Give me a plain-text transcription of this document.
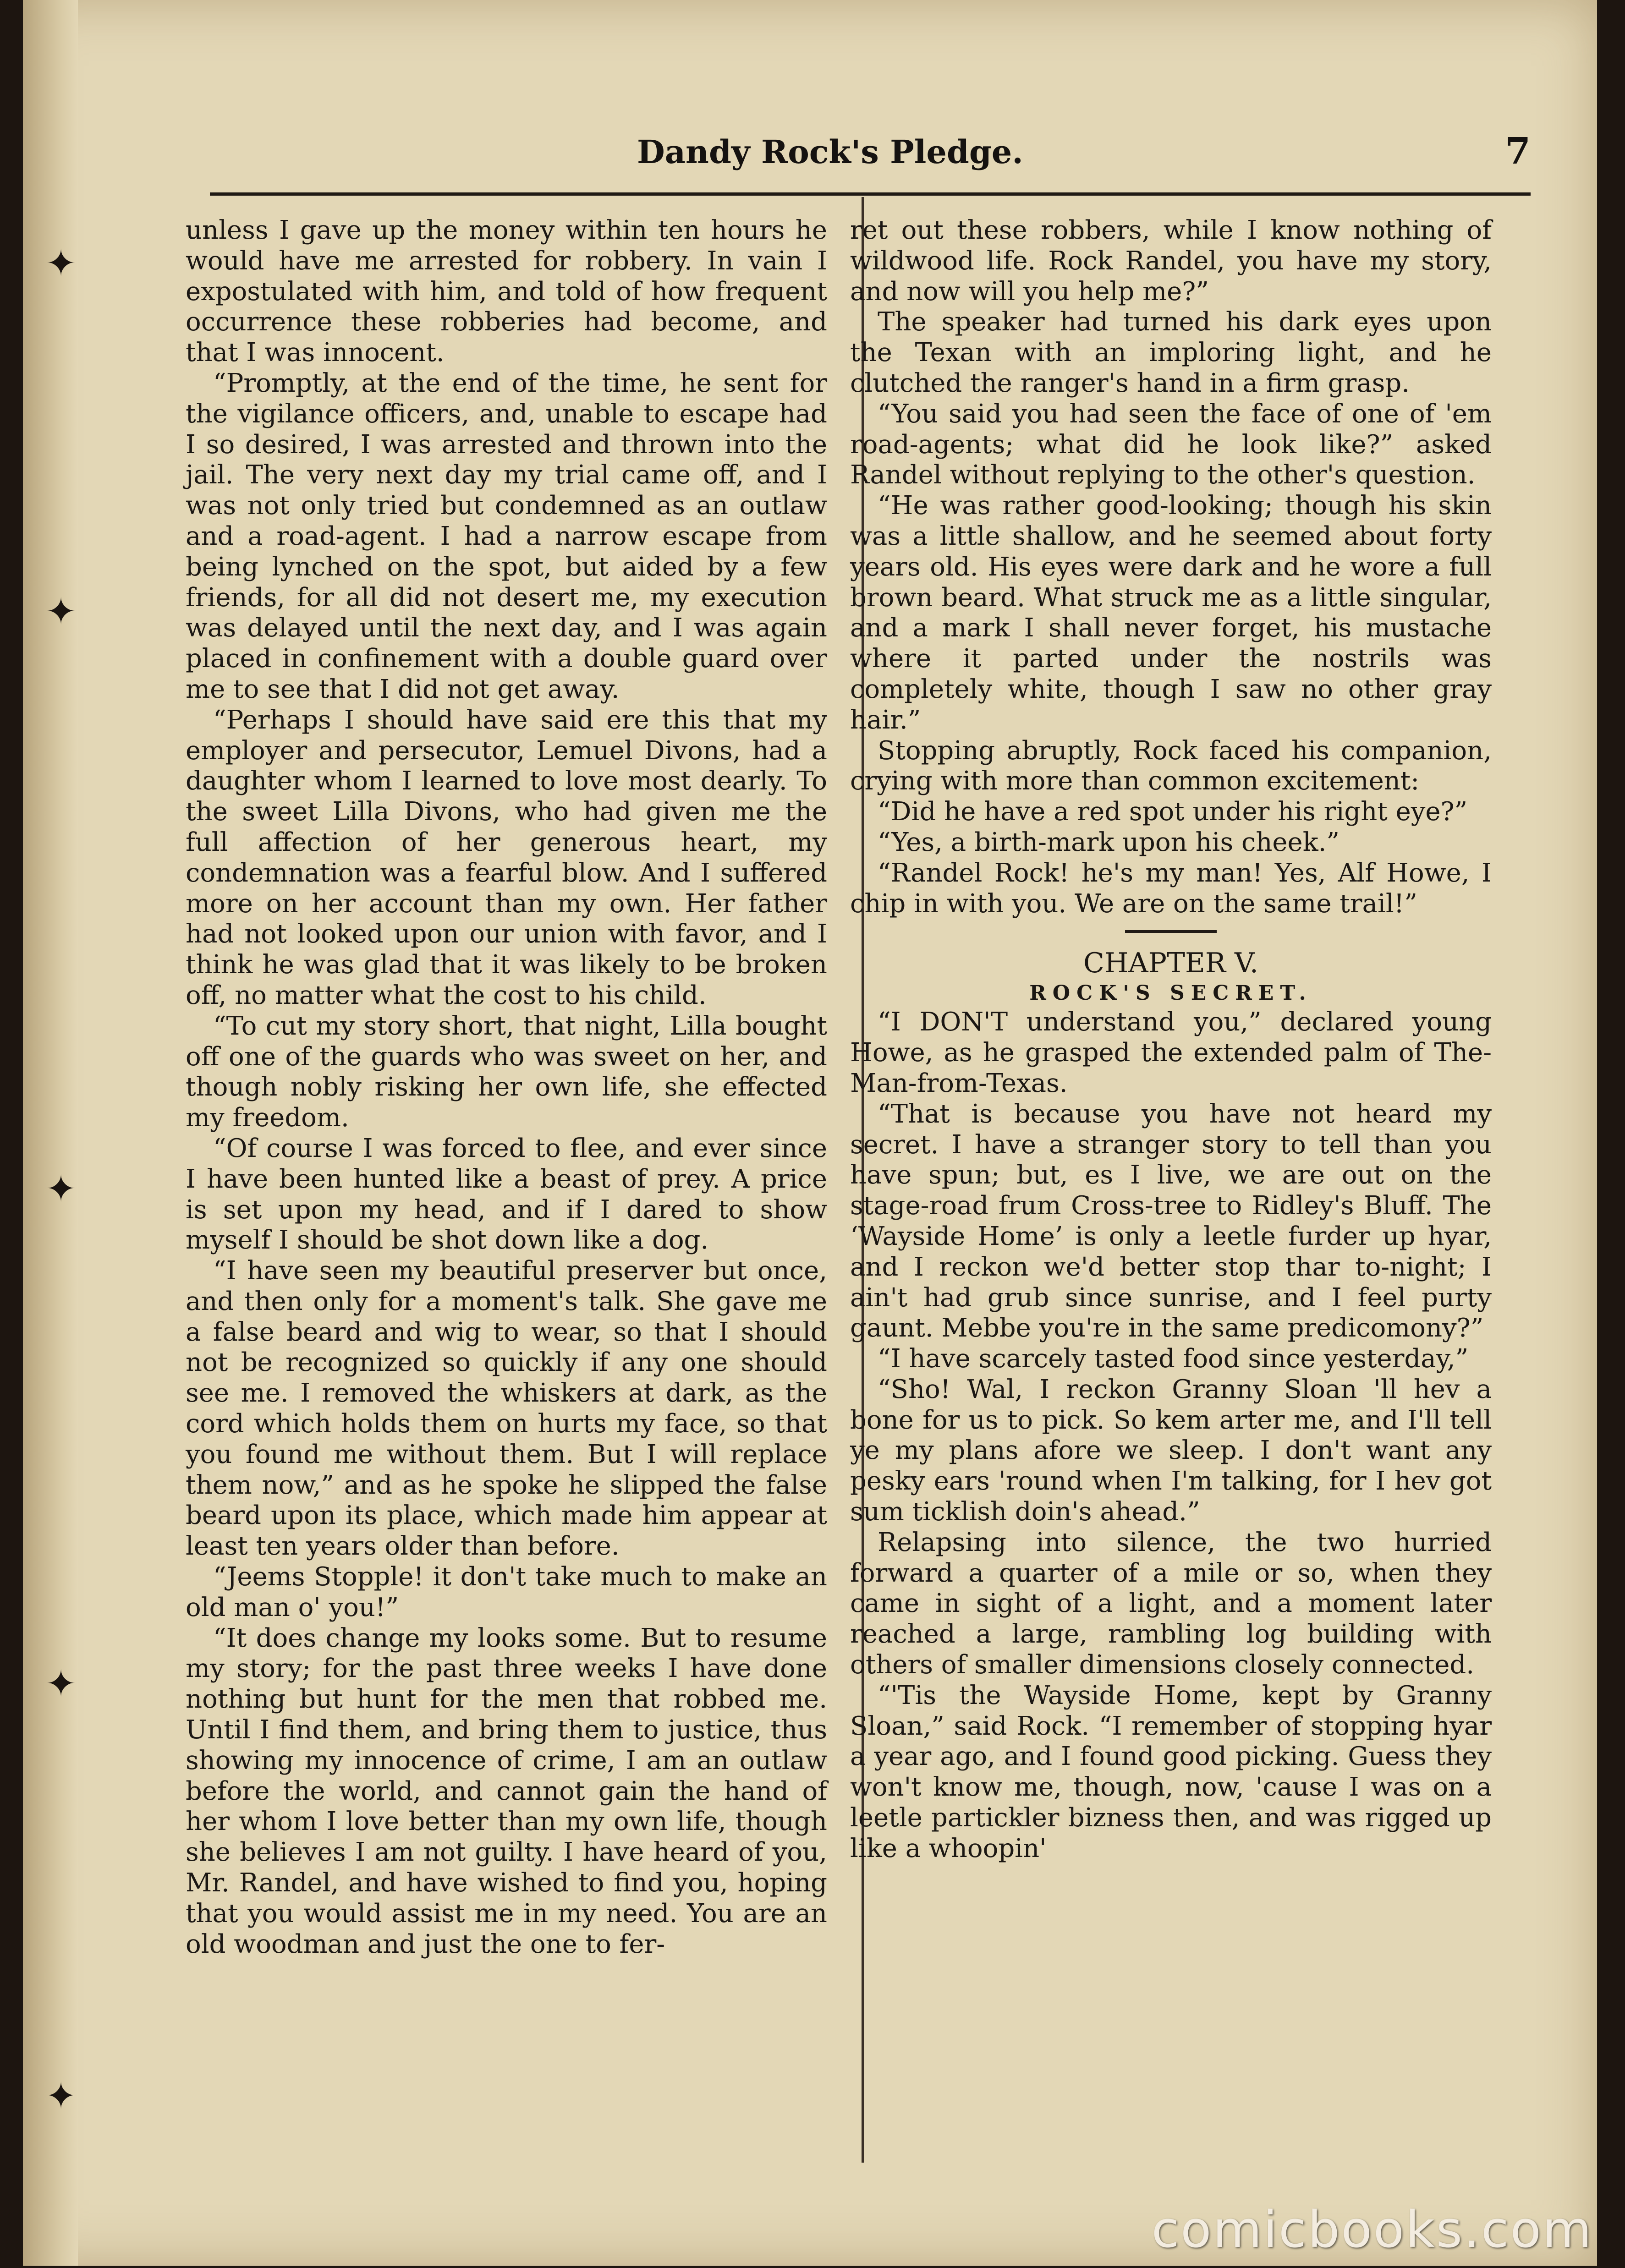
✦
✦
✦
✦
✦
Dandy Rock's Pledge.	7

unless I gave up the money within ten hours he would have me arrested for robbery. In vain I expostulated with him, and told of how frequent occurrence these robberies had become, and that I was innocent.

“Promptly, at the end of the time, he sent for the vigilance officers, and, unable to escape had I so desired, I was arrested and thrown into the jail. The very next day my trial came off, and I was not only tried but condemned as an outlaw and a road-agent. I had a narrow escape from being lynched on the spot, but aided by a few friends, for all did not desert me, my execution was delayed until the next day, and I was again placed in confinement with a double guard over me to see that I did not get away.

“Perhaps I should have said ere this that my employer and persecutor, Lemuel Divons, had a daughter whom I learned to love most dearly. To the sweet Lilla Divons, who had given me the full affection of her generous heart, my condemnation was a fearful blow. And I suffered more on her account than my own. Her father had not looked upon our union with favor, and I think he was glad that it was likely to be broken off, no matter what the cost to his child.

“To cut my story short, that night, Lilla bought off one of the guards who was sweet on her, and though nobly risking her own life, she effected my freedom.

“Of course I was forced to flee, and ever since I have been hunted like a beast of prey. A price is set upon my head, and if I dared to show myself I should be shot down like a dog.

“I have seen my beautiful preserver but once, and then only for a moment's talk. She gave me a false beard and wig to wear, so that I should not be recognized so quickly if any one should see me. I removed the whiskers at dark, as the cord which holds them on hurts my face, so that you found me without them. But I will replace them now,” and as he spoke he slipped the false beard upon its place, which made him appear at least ten years older than before.

“Jeems Stopple! it don't take much to make an old man o' you!”

“It does change my looks some. But to resume my story; for the past three weeks I have done nothing but hunt for the men that robbed me. Until I find them, and bring them to justice, thus showing my innocence of crime, I am an outlaw before the world, and cannot gain the hand of her whom I love better than my own life, though she believes I am not guilty. I have heard of you, Mr. Randel, and have wished to find you, hoping that you would assist me in my need. You are an old woodman and just the one to fer-

ret out these robbers, while I know nothing of wildwood life. Rock Randel, you have my story, and now will you help me?”

The speaker had turned his dark eyes upon the Texan with an imploring light, and he clutched the ranger's hand in a firm grasp.

“You said you had seen the face of one of 'em road-agents; what did he look like?” asked Randel without replying to the other's question.

“He was rather good-looking; though his skin was a little shallow, and he seemed about forty years old. His eyes were dark and he wore a full brown beard. What struck me as a little singular, and a mark I shall never forget, his mustache where it parted under the nostrils was completely white, though I saw no other gray hair.”

Stopping abruptly, Rock faced his companion, crying with more than common excitement:

“Did he have a red spot under his right eye?”

“Yes, a birth-mark upon his cheek.”

“Randel Rock! he's my man! Yes, Alf Howe, I chip in with you. We are on the same trail!”

CHAPTER V.

ROCK'S SECRET.

“I DON'T understand you,” declared young Howe, as he grasped the extended palm of The-Man-from-Texas.

“That is because you have not heard my secret. I have a stranger story to tell than you have spun; but, es I live, we are out on the stage-road frum Cross-tree to Ridley's Bluff. The ‘Wayside Home’ is only a leetle furder up hyar, and I reckon we'd better stop thar to-night; I ain't had grub since sunrise, and I feel purty gaunt. Mebbe you're in the same predicomony?”

“I have scarcely tasted food since yesterday,”

“Sho! Wal, I reckon Granny Sloan 'll hev a bone for us to pick. So kem arter me, and I'll tell ye my plans afore we sleep. I don't want any pesky ears 'round when I'm talking, for I hev got sum ticklish doin's ahead.”

Relapsing into silence, the two hurried forward a quarter of a mile or so, when they came in sight of a light, and a moment later reached a large, rambling log building with others of smaller dimensions closely connected.

“'Tis the Wayside Home, kept by Granny Sloan,” said Rock. “I remember of stopping hyar a year ago, and I found good picking. Guess they won't know me, though, now, 'cause I was on a leetle partickler bizness then, and was rigged up like a whoopin'

comicbooks.com
